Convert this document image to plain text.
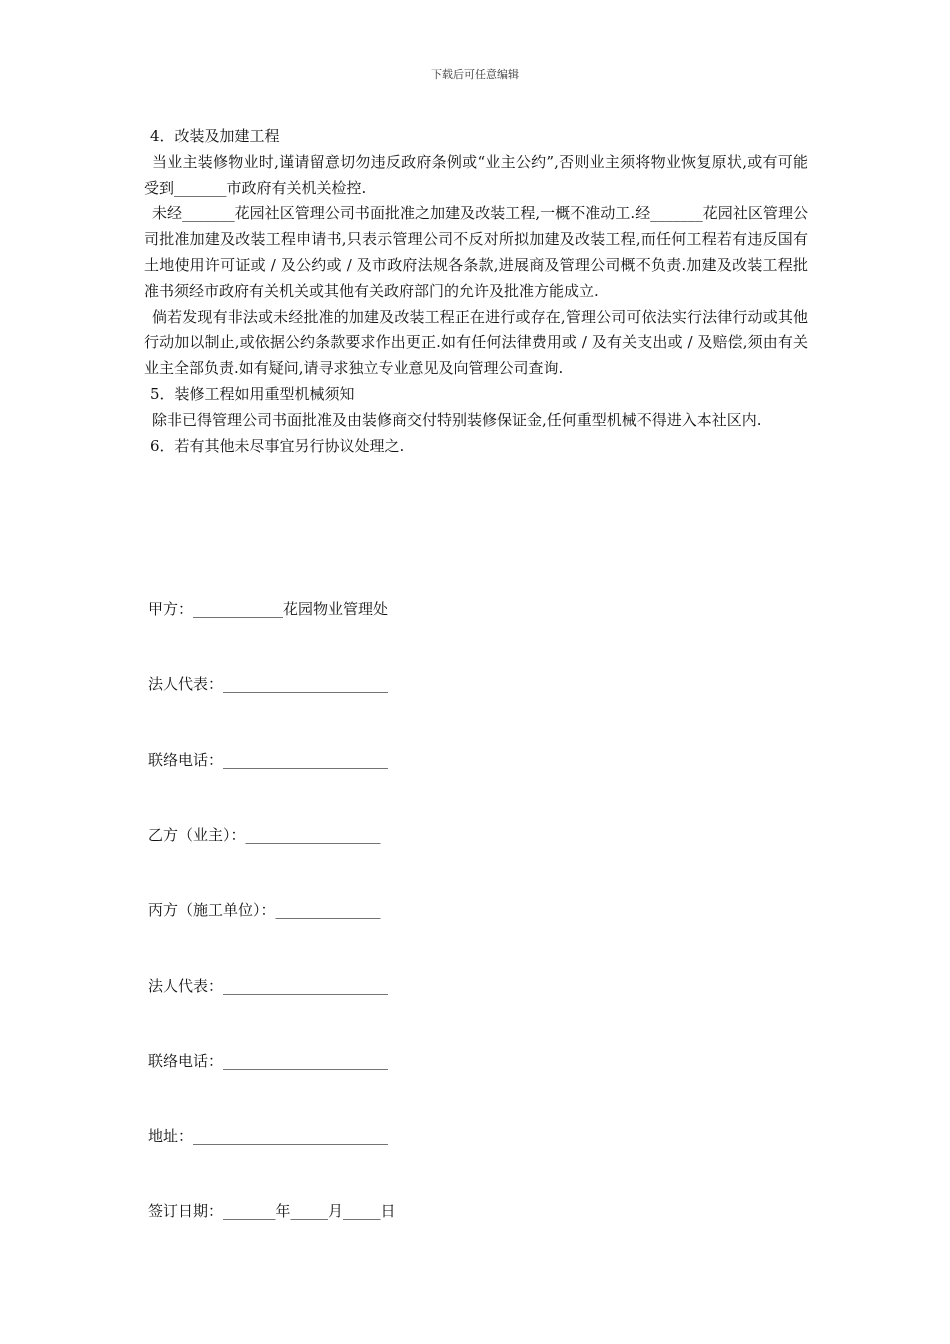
下载后可任意编辑

4．改装及加建工程

当业主装修物业时,谨请留意切勿违反政府条例或“业主公约”,否则业主须将物业恢复原状,或有可能受到_______市政府有关机关检控.

未经_______花园社区管理公司书面批准之加建及改装工程,一概不准动工.经_______花园社区管理公司批准加建及改装工程申请书,只表示管理公司不反对所拟加建及改装工程,而任何工程若有违反国有土地使用许可证或 / 及公约或 / 及市政府法规各条款,进展商及管理公司概不负责.加建及改装工程批准书须经市政府有关机关或其他有关政府部门的允许及批准方能成立.

倘若发现有非法或未经批准的加建及改装工程正在进行或存在,管理公司可依法实行法律行动或其他行动加以制止,或依据公约条款要求作出更正.如有任何法律费用或 / 及有关支出或 / 及赔偿,须由有关业主全部负责.如有疑问,请寻求独立专业意见及向管理公司查询.

5．装修工程如用重型机械须知

除非已得管理公司书面批准及由装修商交付特别装修保证金,任何重型机械不得进入本社区内.

6．若有其他未尽事宜另行协议处理之.

甲方：____________花园物业管理处

法人代表：______________________

联络电话：______________________

乙方（业主）：__________________

丙方（施工单位）：______________

法人代表：______________________

联络电话：______________________

地址：__________________________

签订日期：_______年_____月_____日
